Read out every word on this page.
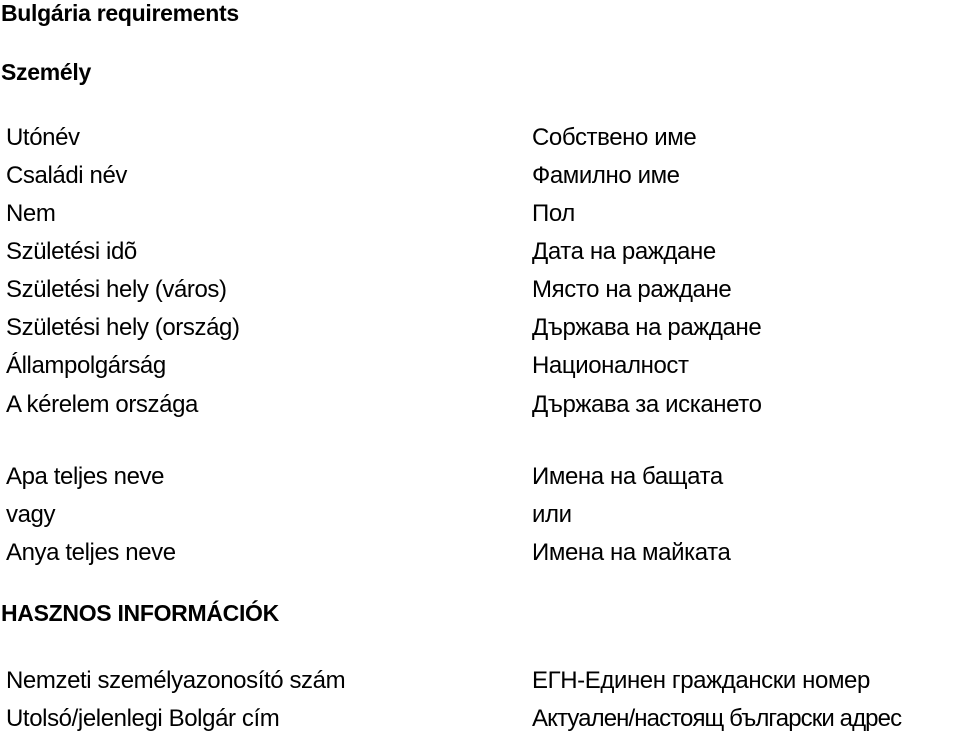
Bulgária requirements
Személy
Utónév	Собствено име
Családi név	Фамилно име
Nem	Пол
Születési idõ	Дата на раждане
Születési hely (város)	Място на раждане
Születési hely (ország)	Държава на раждане
Állampolgárság	Националност
A kérelem országa	Държава за искането
Apa teljes neve	Имена на бащата
vagy	или
Anya teljes neve	Имена на майката
HASZNOS INFORMÁCIÓK
Nemzeti személyazonosító szám	ЕГН-Единен граждански номер
Utolsó/jelenlegi Bolgár cím	Актуален/настоящ български адрес
